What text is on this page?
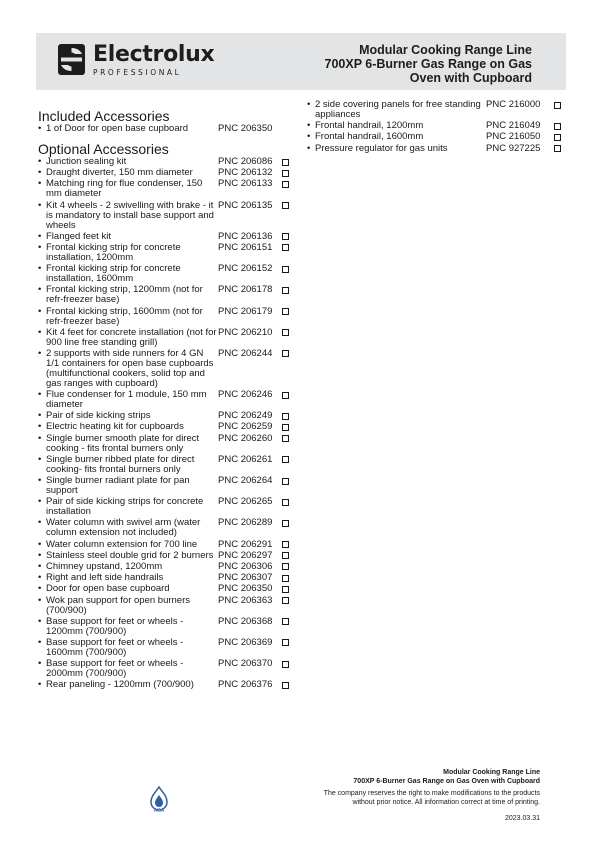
Electrolux
PROFESSIONAL
Modular Cooking Range Line
700XP 6-Burner Gas Range on Gas
Oven with Cupboard
Included Accessories
• 1 of Door for open base cupboard	PNC 206350
Optional Accessories
• Junction sealing kit	PNC 206086
• Draught diverter, 150 mm diameter	PNC 206132
• Matching ring for flue condenser, 150 mm diameter
PNC 206133
• Kit 4 wheels - 2 swivelling with brake - it is mandatory to install base support and wheels
PNC 206135
• Flanged feet kit	PNC 206136
• Frontal kicking strip for concrete installation, 1200mm
PNC 206151
• Frontal kicking strip for concrete installation, 1600mm
PNC 206152
• Frontal kicking strip, 1200mm (not for refr-freezer base)
PNC 206178
• Frontal kicking strip, 1600mm (not for refr-freezer base)
PNC 206179
• Kit 4 feet for concrete installation (not for 900 line free standing grill)
PNC 206210
• 2 supports with side runners for 4 GN 1/1 containers for open base cupboards (multifunctional cookers, solid top and gas ranges with cupboard)
PNC 206244
• Flue condenser for 1 module, 150 mm diameter
PNC 206246
• Pair of side kicking strips	PNC 206249
• Electric heating kit for cupboards	PNC 206259
• Single burner smooth plate for direct cooking - fits frontal burners only
PNC 206260
• Single burner ribbed plate for direct cooking- fits frontal burners only
PNC 206261
• Single burner radiant plate for pan support
PNC 206264
• Pair of side kicking strips for concrete installation
PNC 206265
• Water column with swivel arm (water column extension not included)
PNC 206289
• Water column extension for 700 line	PNC 206291
• Stainless steel double grid for 2 burners PNC 206297
• Chimney upstand, 1200mm	PNC 206306
• Right and left side handrails	PNC 206307
• Door for open base cupboard	PNC 206350
• Wok pan support for open burners (700/900)
PNC 206363
• Base support for feet or wheels - 1200mm (700/900)
PNC 206368
• Base support for feet or wheels - 1600mm (700/900)
PNC 206369
• Base support for feet or wheels - 2000mm (700/900)
PNC 206370
• Rear paneling - 1200mm (700/900)	PNC 206376
• 2 side covering panels for free standing appliances
PNC 216000
• Frontal handrail, 1200mm	PNC 216049
• Frontal handrail, 1600mm	PNC 216050
• Pressure regulator for gas units	PNC 927225
AGA
Modular Cooking Range Line
700XP 6-Burner Gas Range on Gas Oven with Cupboard
The company reserves the right to make modifications to the products
without prior notice. All information correct at time of printing.
2023.03.31
